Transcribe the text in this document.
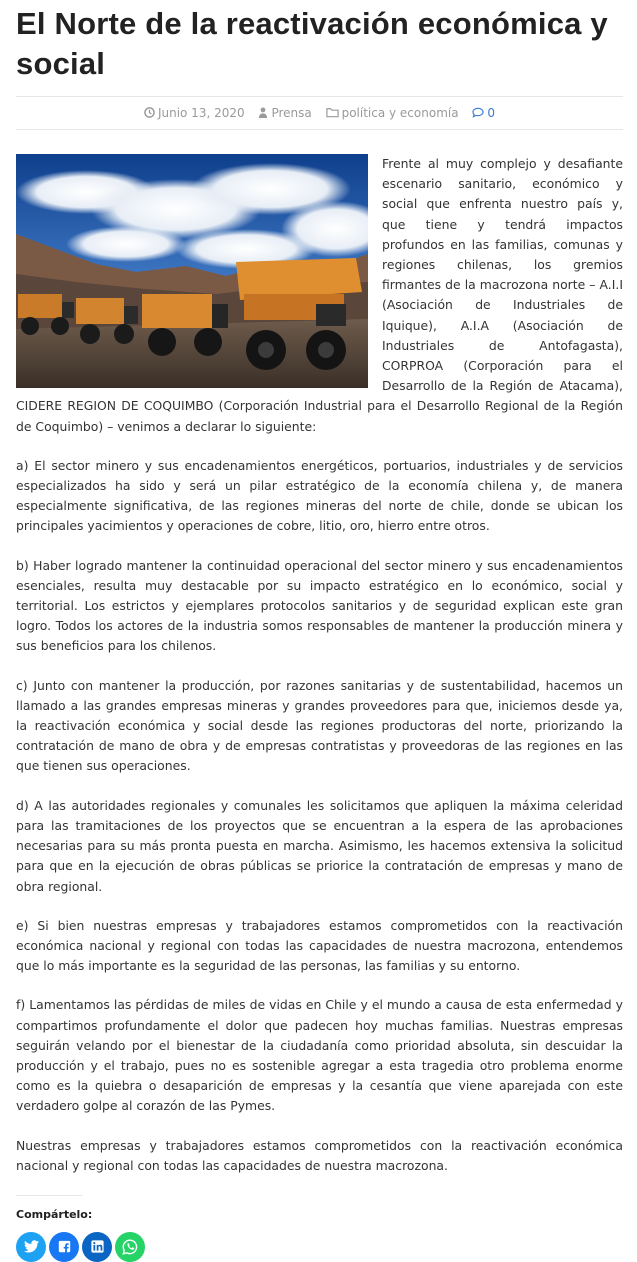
El Norte de la reactivación económica y social
Junio 13, 2020 Prensa política y economía 0

Frente al muy complejo y desafiante escenario sanitario, económico y social que enfrenta nuestro país y, que tiene y tendrá impactos profundos en las familias, comunas y regiones chilenas, los gremios firmantes de la macrozona norte – A.I.I (Asociación de Industriales de Iquique), A.I.A (Asociación de Industriales de Antofagasta), CORPROA (Corporación para el Desarrollo de la Región de Atacama), CIDERE REGION DE COQUIMBO (Corporación Industrial para el Desarrollo Regional de la Región de Coquimbo) – venimos a declarar lo siguiente:

a) El sector minero y sus encadenamientos energéticos, portuarios, industriales y de servicios especializados ha sido y será un pilar estratégico de la economía chilena y, de manera especialmente significativa, de las regiones mineras del norte de chile, donde se ubican los principales yacimientos y operaciones de cobre, litio, oro, hierro entre otros.

b) Haber logrado mantener la continuidad operacional del sector minero y sus encadenamientos esenciales, resulta muy destacable por su impacto estratégico en lo económico, social y territorial. Los estrictos y ejemplares protocolos sanitarios y de seguridad explican este gran logro. Todos los actores de la industria somos responsables de mantener la producción minera y sus beneficios para los chilenos.

c) Junto con mantener la producción, por razones sanitarias y de sustentabilidad, hacemos un llamado a las grandes empresas mineras y grandes proveedores para que, iniciemos desde ya, la reactivación económica y social desde las regiones productoras del norte, priorizando la contratación de mano de obra y de empresas contratistas y proveedoras de las regiones en las que tienen sus operaciones.

d) A las autoridades regionales y comunales les solicitamos que apliquen la máxima celeridad para las tramitaciones de los proyectos que se encuentran a la espera de las aprobaciones necesarias para su más pronta puesta en marcha. Asimismo, les hacemos extensiva la solicitud para que en la ejecución de obras públicas se priorice la contratación de empresas y mano de obra regional.

e) Si bien nuestras empresas y trabajadores estamos comprometidos con la reactivación económica nacional y regional con todas las capacidades de nuestra macrozona, entendemos que lo más importante es la seguridad de las personas, las familias y su entorno.

f) Lamentamos las pérdidas de miles de vidas en Chile y el mundo a causa de esta enfermedad y compartimos profundamente el dolor que padecen hoy muchas familias. Nuestras empresas seguirán velando por el bienestar de la ciudadanía como prioridad absoluta, sin descuidar la producción y el trabajo, pues no es sostenible agregar a esta tragedia otro problema enorme como es la quiebra o desaparición de empresas y la cesantía que viene aparejada con este verdadero golpe al corazón de las Pymes.

Nuestras empresas y trabajadores estamos comprometidos con la reactivación económica nacional y regional con todas las capacidades de nuestra macrozona.

Compártelo:
